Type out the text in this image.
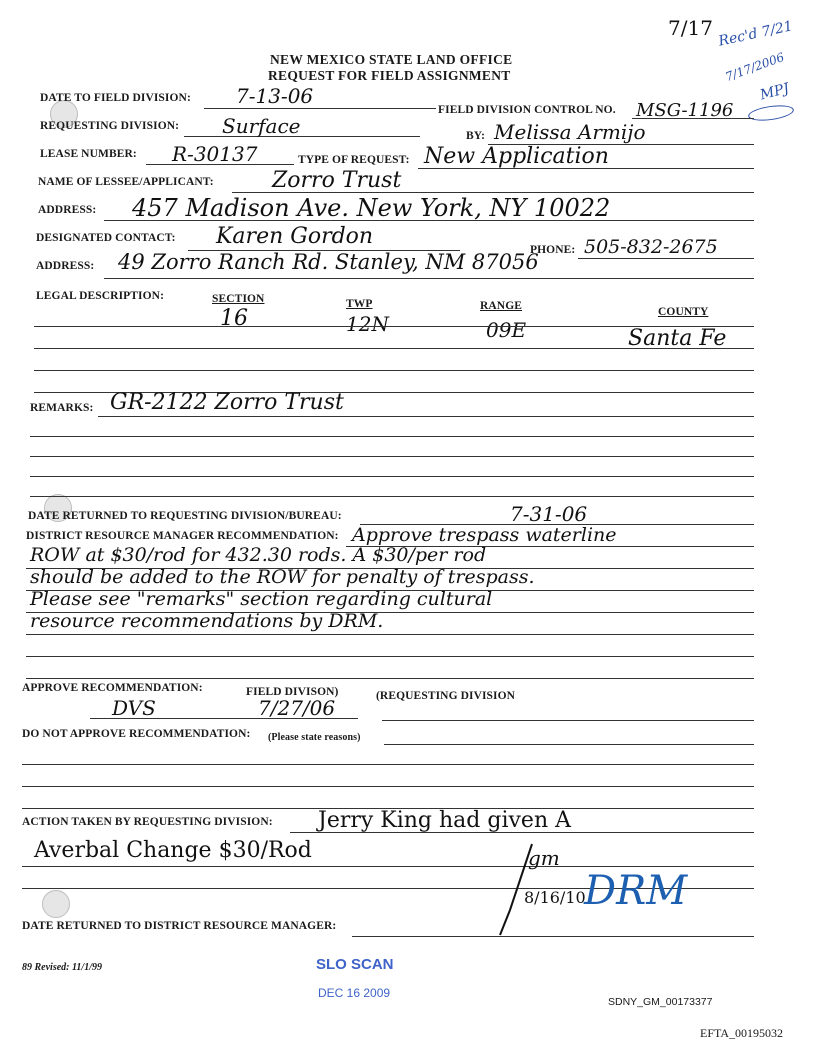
7/17 Rec'd 7/21
7/17/2006
MPJ
NEW MEXICO STATE LAND OFFICE
REQUEST FOR FIELD ASSIGNMENT
DATE TO FIELD DIVISION: 7-13-06
FIELD DIVISION CONTROL NO. MSG-1196
REQUESTING DIVISION: Surface	BY: Melissa Armijo
LEASE NUMBER: R-30137	TYPE OF REQUEST: New Application
NAME OF LESSEE/APPLICANT:	Zorro Trust
ADDRESS: 457 Madison Ave. New York, NY 10022
DESIGNATED CONTACT: Karen Gordon
PHONE: 505-832-2675
ADDRESS: 49 Zorro Ranch Rd. Stanley, NM 87056
LEGAL DESCRIPTION:	SECTION	TWP	RANGE	COUNTY
16	12N	09E	Santa Fe
REMARKS: GR-2122 Zorro Trust
DATE RETURNED TO REQUESTING DIVISION/BUREAU:	7-31-06
DISTRICT RESOURCE MANAGER RECOMMENDATION: Approve trespass waterline
ROW at $30/rod for 432.30 rods. A $30/per rod
should be added to the ROW for penalty of trespass.
Please see "remarks" section regarding cultural
resource recommendations by DRM.
APPROVE RECOMMENDATION:	FIELD DIVISON)	(REQUESTING DIVISION
DVS	7/27/06
DO NOT APPROVE RECOMMENDATION: (Please state reasons)
ACTION TAKEN BY REQUESTING DIVISION: Jerry King had given A
Averbal Change $30/Rod	gm
8/16/10
DRM
DATE RETURNED TO DISTRICT RESOURCE MANAGER:
89 Revised: 11/1/99	SLO SCAN
DEC 16 2009
SDNY_GM_00173377
EFTA_00195032
